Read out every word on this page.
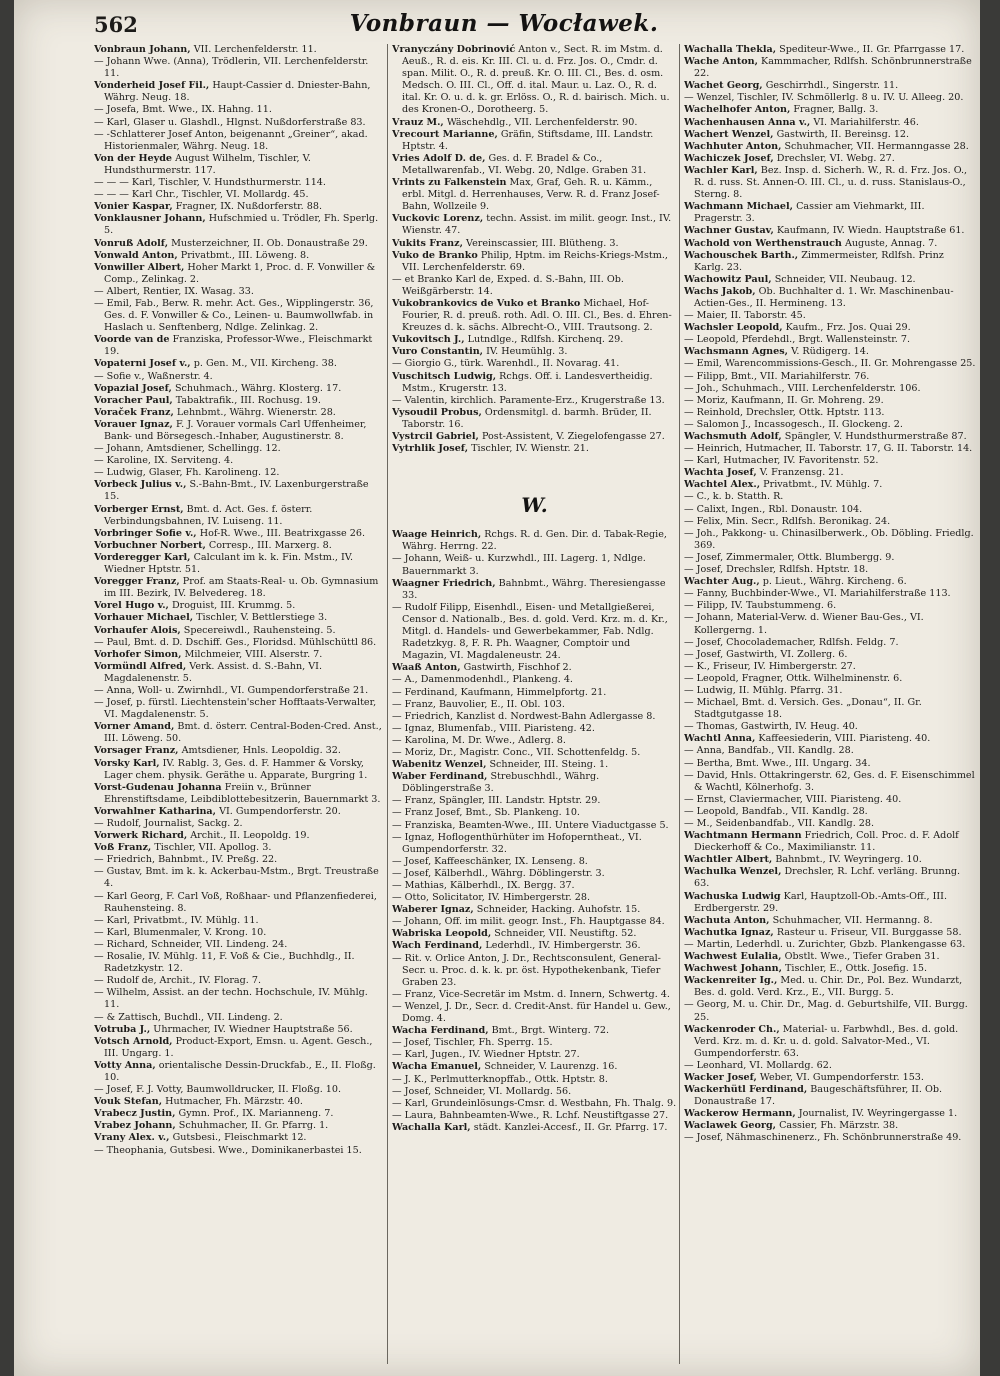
562	Vonbraun — Wocławek.

Vonbraun Johann, VII. Lerchenfelderstr. 11.

— Johann Wwe. (Anna), Trödlerin, VII. Lerchenfelderstr. 11.

Vonderheid Josef Fil., Haupt-Cassier d. Dniester-Bahn, Währg. Neug. 18.

— Josefa, Bmt. Wwe., IX. Hahng. 11.

— Karl, Glaser u. Glashdl., Hlgnst. Nußdorferstraße 83.

— -Schlatterer Josef Anton, beigenannt „Greiner“, akad. Historienmaler, Währg. Neug. 18.

Von der Heyde August Wilhelm, Tischler, V. Hundsthurmerstr. 117.

— — — Karl, Tischler, V. Hundsthurmerstr. 114.

— — — Karl Chr., Tischler, VI. Mollardg. 45.

Vonier Kaspar, Fragner, IX. Nußdorferstr. 88.

Vonklausner Johann, Hufschmied u. Trödler, Fh. Sperlg. 5.

Vonruß Adolf, Musterzeichner, II. Ob. Donaustraße 29.

Vonwald Anton, Privatbmt., III. Löweng. 8.

Vonwiller Albert, Hoher Markt 1, Proc. d. F. Vonwiller & Comp., Zelinkag. 2.

— Albert, Rentier, IX. Wasag. 33.

— Emil, Fab., Berw. R. mehr. Act. Ges., Wipplingerstr. 36, Ges. d. F. Vonwiller & Co., Leinen- u. Baumwollwfab. in Haslach u. Senftenberg, Ndlge. Zelinkag. 2.

Voorde van de Franziska, Professor-Wwe., Fleischmarkt 19.

Vopaterni Josef v., p. Gen. M., VII. Kircheng. 38.

— Sofie v., Waßnerstr. 4.

Vopazial Josef, Schuhmach., Währg. Klosterg. 17.

Voracher Paul, Tabaktrafik., III. Rochusg. 19.

Voraček Franz, Lehnbmt., Währg. Wienerstr. 28.

Vorauer Ignaz, F. J. Vorauer vormals Carl Uffenheimer, Bank- und Börsegesch.-Inhaber, Augustinerstr. 8.

— Johann, Amtsdiener, Schellingg. 12.

— Karoline, IX. Serviteng. 4.

— Ludwig, Glaser, Fh. Karolineng. 12.

Vorbeck Julius v., S.-Bahn-Bmt., IV. Laxenburgerstraße 15.

Vorberger Ernst, Bmt. d. Act. Ges. f. österr. Verbindungsbahnen, IV. Luiseng. 11.

Vorbringer Sofie v., Hof-R. Wwe., III. Beatrixgasse 26.

Vorbuchner Norbert, Corresp., III. Marxerg. 8.

Vorderegger Karl, Calculant im k. k. Fin. Mstm., IV. Wiedner Hptstr. 51.

Voregger Franz, Prof. am Staats-Real- u. Ob. Gymnasium im III. Bezirk, IV. Belvedereg. 18.

Vorel Hugo v., Droguist, III. Krummg. 5.

Vorhauer Michael, Tischler, V. Bettlerstiege 3.

Vorhaufer Alois, Specereiwdl., Rauhensteing. 5.

— Paul, Bmt. d. D. Dschiff. Ges., Floridsd. Mühlschüttl 86.

Vorhofer Simon, Milchmeier, VIII. Alserstr. 7.

Vormündl Alfred, Verk. Assist. d. S.-Bahn, VI. Magdalenenstr. 5.

— Anna, Woll- u. Zwirnhdl., VI. Gumpendorferstraße 21.

— Josef, p. fürstl. Liechtenstein'scher Hofftaats-Verwalter, VI. Magdalenenstr. 5.

Vorner Amand, Bmt. d. österr. Central-Boden-Cred. Anst., III. Löweng. 50.

Vorsager Franz, Amtsdiener, Hnls. Leopoldig. 32.

Vorsky Karl, IV. Rablg. 3, Ges. d. F. Hammer & Vorsky, Lager chem. physik. Geräthe u. Apparate, Burgring 1.

Vorst-Gudenau Johanna Freiin v., Brünner Ehrenstiftsdame, Leibdiblottebesitzerin, Bauernmarkt 3.

Vorwahlner Katharina, VI. Gumpendorferstr. 20.

— Rudolf, Journalist, Sackg. 2.

Vorwerk Richard, Archit., II. Leopoldg. 19.

Voß Franz, Tischler, VII. Apollog. 3.

— Friedrich, Bahnbmt., IV. Preßg. 22.

— Gustav, Bmt. im k. k. Ackerbau-Mstm., Brgt. Treustraße 4.

— Karl Georg, F. Carl Voß, Roßhaar- und Pflanzenfiederei, Rauhensteing. 8.

— Karl, Privatbmt., IV. Mühlg. 11.

— Karl, Blumenmaler, V. Krong. 10.

— Richard, Schneider, VII. Lindeng. 24.

— Rosalie, IV. Mühlg. 11, F. Voß & Cie., Buchhdlg., II. Radetzkystr. 12.

— Rudolf de, Archit., IV. Florag. 7.

— Wilhelm, Assist. an der techn. Hochschule, IV. Mühlg. 11.

— & Zattisch, Buchdl., VII. Lindeng. 2.

Votruba J., Uhrmacher, IV. Wiedner Hauptstraße 56.

Votsch Arnold, Product-Export, Emsn. u. Agent. Gesch., III. Ungarg. 1.

Votty Anna, orientalische Dessin-Druckfab., E., II. Floßg. 10.

— Josef, F. J. Votty, Baumwolldrucker, II. Floßg. 10.

Vouk Stefan, Hutmacher, Fh. Märzstr. 40.

Vrabecz Justin, Gymn. Prof., IX. Marianneng. 7.

Vrabez Johann, Schuhmacher, II. Gr. Pfarrg. 1.

Vrany Alex. v., Gutsbesi., Fleischmarkt 12.

— Theophania, Gutsbesi. Wwe., Dominikanerbastei 15.

Vranyczány Dobrinović Anton v., Sect. R. im Mstm. d. Aeuß., R. d. eis. Kr. III. Cl. u. d. Frz. Jos. O., Cmdr. d. span. Milit. O., R. d. preuß. Kr. O. III. Cl., Bes. d. osm. Medsch. O. III. Cl., Off. d. ital. Maur. u. Laz. O., R. d. ital. Kr. O. u. d. k. gr. Erlöss. O., R. d. bairisch. Mich. u. des Kronen-O., Dorotheerg. 5.

Vrauz M., Wäschehdlg., VII. Lerchenfelderstr. 90.

Vrecourt Marianne, Gräfin, Stiftsdame, III. Landstr. Hptstr. 4.

Vries Adolf D. de, Ges. d. F. Bradel & Co., Metallwarenfab., VI. Webg. 20, Ndlge. Graben 31.

Vrints zu Falkenstein Max, Graf, Geh. R. u. Kämm., erbl. Mitgl. d. Herrenhauses, Verw. R. d. Franz Josef-Bahn, Wollzeile 9.

Vuckovic Lorenz, techn. Assist. im milit. geogr. Inst., IV. Wienstr. 47.

Vukits Franz, Vereinscassier, III. Blütheng. 3.

Vuko de Branko Philip, Hptm. im Reichs-Kriegs-Mstm., VII. Lerchenfelderstr. 69.

— et Branko Karl de, Exped. d. S.-Bahn, III. Ob. Weißgärberstr. 14.

Vukobrankovics de Vuko et Branko Michael, Hof-Fourier, R. d. preuß. roth. Adl. O. III. Cl., Bes. d. Ehren-Kreuzes d. k. sächs. Albrecht-O., VIII. Trautsong. 2.

Vukovitsch J., Lutndlge., Rdlfsh. Kirchenq. 29.

Vuro Constantin, IV. Heumühlg. 3.

— Giorgio G., türk. Warenhdl., II. Novarag. 41.

Vuschitsch Ludwig, Rchgs. Off. i. Landesvertheidig. Mstm., Krugerstr. 13.

— Valentin, kirchlich. Paramente-Erz., Krugerstraße 13.

Vysoudil Probus, Ordensmitgl. d. barmh. Brüder, II. Taborstr. 16.

Vystrcil Gabriel, Post-Assistent, V. Ziegelofengasse 27.

Vytrhlik Josef, Tischler, IV. Wienstr. 21.

W.

Waage Heinrich, Rchgs. R. d. Gen. Dir. d. Tabak-Regie, Währg. Herrng. 22.

— Johann, Weiß- u. Kurzwhdl., III. Lagerg. 1, Ndlge. Bauernmarkt 3.

Waagner Friedrich, Bahnbmt., Währg. Theresiengasse 33.

— Rudolf Filipp, Eisenhdl., Eisen- und Metallgießerei, Censor d. Nationalb., Bes. d. gold. Verd. Krz. m. d. Kr., Mitgl. d. Handels- und Gewerbekammer, Fab. Ndlg. Radetzkyg. 8, F. R. Ph. Waagner, Comptoir und Magazin, VI. Magdaleneustr. 24.

Waaß Anton, Gastwirth, Fischhof 2.

— A., Damenmodenhdl., Plankeng. 4.

— Ferdinand, Kaufmann, Himmelpfortg. 21.

— Franz, Bauvolier, E., II. Obl. 103.

— Friedrich, Kanzlist d. Nordwest-Bahn Adlergasse 8.

— Ignaz, Blumenfab., VIII. Piaristeng. 42.

— Karolina, M. Dr. Wwe., Adlerg. 8.

— Moriz, Dr., Magistr. Conc., VII. Schottenfeldg. 5.

Wabenitz Wenzel, Schneider, III. Steing. 1.

Waber Ferdinand, Strebuschhdl., Währg. Döblingerstraße 3.

— Franz, Spängler, III. Landstr. Hptstr. 29.

— Franz Josef, Bmt., Sb. Plankeng. 10.

— Franziska, Beamten-Wwe., III. Untere Viaductgasse 5.

— Ignaz, Hoflogenthürhüter im Hofoperntheat., VI. Gumpendorferstr. 32.

— Josef, Kaffeeschänker, IX. Lenseng. 8.

— Josef, Kälberhdl., Währg. Döblingerstr. 3.

— Mathias, Kälberhdl., IX. Bergg. 37.

— Otto, Solicitator, IV. Himbergerstr. 28.

Waberer Ignaz, Schneider, Hacking. Auhofstr. 15.

— Johann, Off. im milit. geogr. Inst., Fh. Hauptgasse 84.

Wabriska Leopold, Schneider, VII. Neustiftg. 52.

Wach Ferdinand, Lederhdl., IV. Himbergerstr. 36.

— Rit. v. Orlice Anton, J. Dr., Rechtsconsulent, General-Secr. u. Proc. d. k. k. pr. öst. Hypothekenbank, Tiefer Graben 23.

— Franz, Vice-Secretär im Mstm. d. Innern, Schwertg. 4.

— Wenzel, J. Dr., Secr. d. Credit-Anst. für Handel u. Gew., Domg. 4.

Wacha Ferdinand, Bmt., Brgt. Winterg. 72.

— Josef, Tischler, Fh. Sperrg. 15.

— Karl, Jugen., IV. Wiedner Hptstr. 27.

Wacha Emanuel, Schneider, V. Laurenzg. 16.

— J. K., Perlmutterknopffab., Ottk. Hptstr. 8.

— Josef, Schneider, VI. Mollardg. 56.

— Karl, Grundeinlösungs-Cmsr. d. Westbahn, Fh. Thalg. 9.

— Laura, Bahnbeamten-Wwe., R. Lchf. Neustiftgasse 27.

Wachalla Karl, städt. Kanzlei-Accesf., II. Gr. Pfarrg. 17.

Wachalla Thekla, Spediteur-Wwe., II. Gr. Pfarrgasse 17.

Wache Anton, Kammmacher, Rdlfsh. Schönbrunnerstraße 22.

Wachet Georg, Geschirrhdl., Singerstr. 11.

— Wenzel, Tischler, IV. Schmöllerlg. 8 u. IV. U. Alleeg. 20.

Wachelhofer Anton, Fragner, Ballg. 3.

Wachenhausen Anna v., VI. Mariahilferstr. 46.

Wachert Wenzel, Gastwirth, II. Bereinsg. 12.

Wachhuter Anton, Schuhmacher, VII. Hermanngasse 28.

Wachiczek Josef, Drechsler, VI. Webg. 27.

Wachler Karl, Bez. Insp. d. Sicherh. W., R. d. Frz. Jos. O., R. d. russ. St. Annen-O. III. Cl., u. d. russ. Stanislaus-O., Sterng. 8.

Wachmann Michael, Cassier am Viehmarkt, III. Pragerstr. 3.

Wachner Gustav, Kaufmann, IV. Wiedn. Hauptstraße 61.

Wachold von Werthenstrauch Auguste, Annag. 7.

Wachouschek Barth., Zimmermeister, Rdlfsh. Prinz Karlg. 23.

Wachowitz Paul, Schneider, VII. Neubaug. 12.

Wachs Jakob, Ob. Buchhalter d. 1. Wr. Maschinenbau-Actien-Ges., II. Hermineng. 13.

— Maier, II. Taborstr. 45.

Wachsler Leopold, Kaufm., Frz. Jos. Quai 29.

— Leopold, Pferdehdl., Brgt. Wallensteinstr. 7.

Wachsmann Agnes, V. Rüdigerg. 14.

— Emil, Warencommissions-Gesch., II. Gr. Mohrengasse 25.

— Filipp, Bmt., VII. Mariahilferstr. 76.

— Joh., Schuhmach., VIII. Lerchenfelderstr. 106.

— Moriz, Kaufmann, II. Gr. Mohreng. 29.

— Reinhold, Drechsler, Ottk. Hptstr. 113.

— Salomon J., Incassogesch., II. Glockeng. 2.

Wachsmuth Adolf, Spängler, V. Hundsthurmerstraße 87.

— Heinrich, Hutmacher, II. Taborstr. 17, G. II. Taborstr. 14.

— Karl, Hutmacher, IV. Favoritenstr. 52.

Wachta Josef, V. Franzensg. 21.

Wachtel Alex., Privatbmt., IV. Mühlg. 7.

— C., k. b. Statth. R.

— Calixt, Ingen., Rbl. Donaustr. 104.

— Felix, Min. Secr., Rdlfsh. Beronikag. 24.

— Joh., Pakkong- u. Chinasilberwerk., Ob. Döbling. Friedlg. 369.

— Josef, Zimmermaler, Ottk. Blumbergg. 9.

— Josef, Drechsler, Rdlfsh. Hptstr. 18.

Wachter Aug., p. Lieut., Währg. Kircheng. 6.

— Fanny, Buchbinder-Wwe., VI. Mariahilferstraße 113.

— Filipp, IV. Taubstummeng. 6.

— Johann, Material-Verw. d. Wiener Bau-Ges., VI. Kollergerng. 1.

— Josef, Chocolademacher, Rdlfsh. Feldg. 7.

— Josef, Gastwirth, VI. Zollerg. 6.

— K., Friseur, IV. Himbergerstr. 27.

— Leopold, Fragner, Ottk. Wilhelminenstr. 6.

— Ludwig, II. Mühlg. Pfarrg. 31.

— Michael, Bmt. d. Versich. Ges. „Donau“, II. Gr. Stadtgutgasse 18.

— Thomas, Gastwirth, IV. Heug. 40.

Wachtl Anna, Kaffeesiederin, VIII. Piaristeng. 40.

— Anna, Bandfab., VII. Kandlg. 28.

— Bertha, Bmt. Wwe., III. Ungarg. 34.

— David, Hnls. Ottakringerstr. 62, Ges. d. F. Eisenschimmel & Wachtl, Kölnerhofg. 3.

— Ernst, Claviermacher, VIII. Piaristeng. 40.

— Leopold, Bandfab., VII. Kandlg. 28.

— M., Seidenbandfab., VII. Kandlg. 28.

Wachtmann Hermann Friedrich, Coll. Proc. d. F. Adolf Dieckerhoff & Co., Maximilianstr. 11.

Wachtler Albert, Bahnbmt., IV. Weyringerg. 10.

Wachulka Wenzel, Drechsler, R. Lchf. verläng. Brunng. 63.

Wachuska Ludwig Karl, Hauptzoll-Ob.-Amts-Off., III. Erdbergerstr. 29.

Wachuta Anton, Schuhmacher, VII. Hermanng. 8.

Wachutka Ignaz, Rasteur u. Friseur, VII. Burggasse 58.

— Martin, Lederhdl. u. Zurichter, Gbzb. Plankengasse 63.

Wachwest Eulalia, Obstlt. Wwe., Tiefer Graben 31.

Wachwest Johann, Tischler, E., Ottk. Josefig. 15.

Wackenreiter Ig., Med. u. Chir. Dr., Pol. Bez. Wundarzt, Bes. d. gold. Verd. Krz., E., VII. Burgg. 5.

— Georg, M. u. Chir. Dr., Mag. d. Geburtshilfe, VII. Burgg. 25.

Wackenroder Ch., Material- u. Farbwhdl., Bes. d. gold. Verd. Krz. m. d. Kr. u. d. gold. Salvator-Med., VI. Gumpendorferstr. 63.

— Leonhard, VI. Mollardg. 62.

Wacker Josef, Weber, VI. Gumpendorferstr. 153.

Wackerhütl Ferdinand, Baugeschäftsführer, II. Ob. Donaustraße 17.

Wackerow Hermann, Journalist, IV. Weyringergasse 1.

Waclawek Georg, Cassier, Fh. Märzstr. 38.

— Josef, Nähmaschinenerz., Fh. Schönbrunnerstraße 49.
